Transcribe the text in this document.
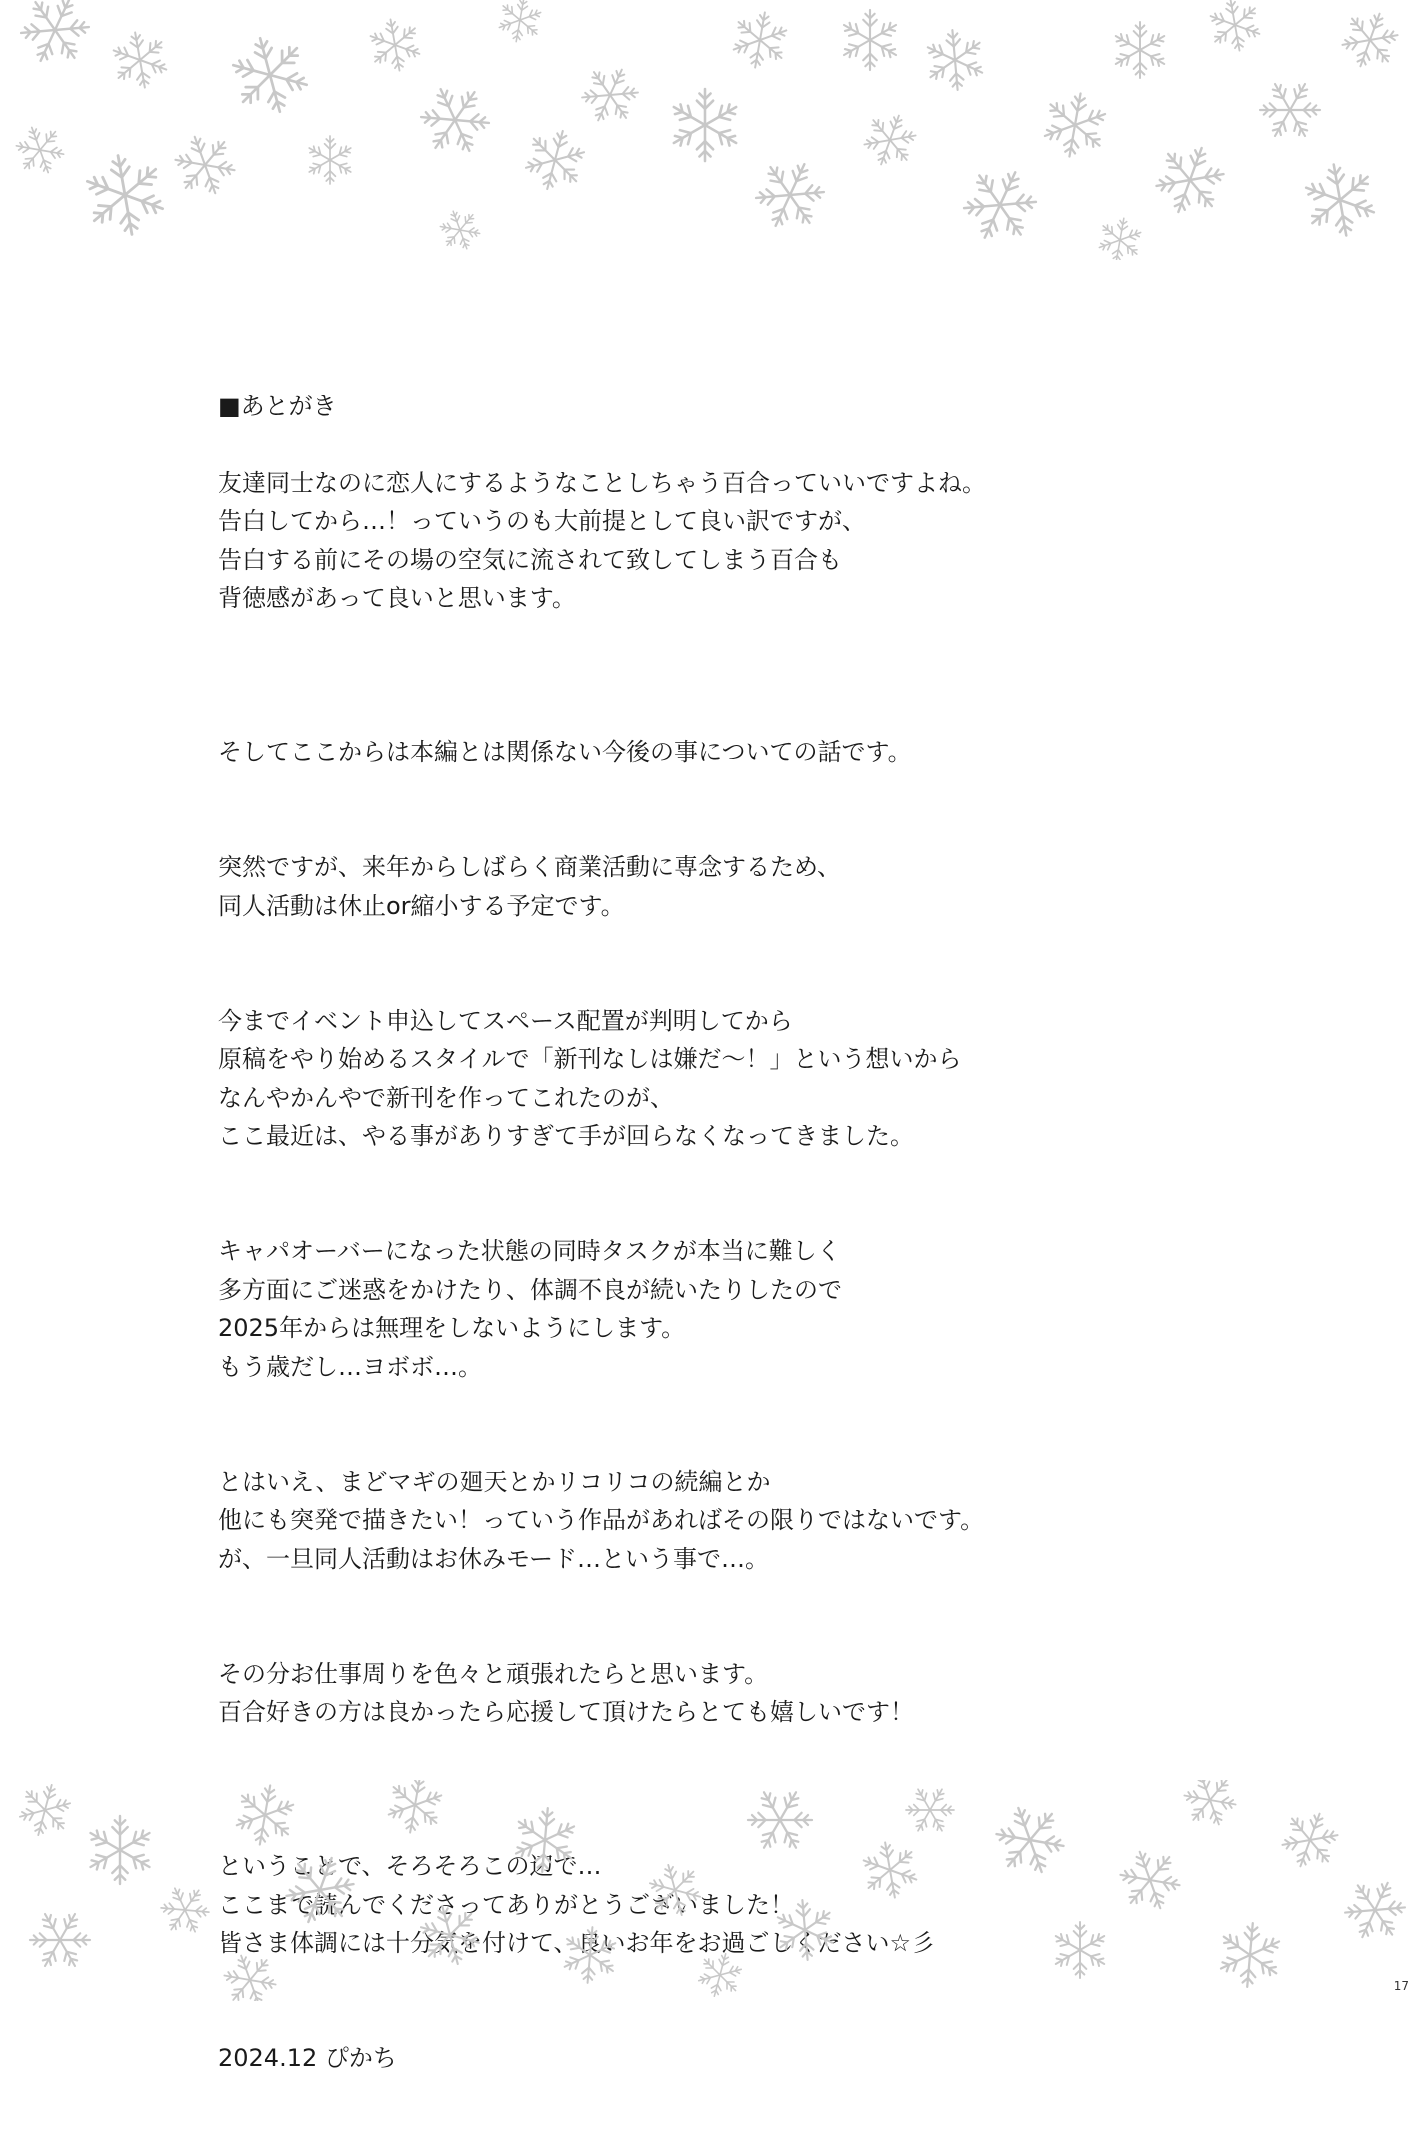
■あとがき

友達同士なのに恋人にするようなことしちゃう百合っていいですよね。
告白してから…！っていうのも大前提として良い訳ですが、
告白する前にその場の空気に流されて致してしまう百合も
背徳感があって良いと思います。

そしてここからは本編とは関係ない今後の事についての話です。

突然ですが、来年からしばらく商業活動に専念するため、
同人活動は休止or縮小する予定です。

今までイベント申込してスペース配置が判明してから
原稿をやり始めるスタイルで「新刊なしは嫌だ～！」という想いから
なんやかんやで新刊を作ってこれたのが、
ここ最近は、やる事がありすぎて手が回らなくなってきました。

キャパオーバーになった状態の同時タスクが本当に難しく
多方面にご迷惑をかけたり、体調不良が続いたりしたので
2025年からは無理をしないようにします。
もう歳だし…ヨボボ…。

とはいえ、まどマギの廻天とかリコリコの続編とか
他にも突発で描きたい！っていう作品があればその限りではないです。
が、一旦同人活動はお休みモード…という事で…。

その分お仕事周りを色々と頑張れたらと思います。
百合好きの方は良かったら応援して頂けたらとても嬉しいです！

ということで、そろそろこの辺で…
ここまで読んでくださってありがとうございました！
皆さま体調には十分気を付けて、良いお年をお過ごしください☆彡

2024.12 ぴかち

17
